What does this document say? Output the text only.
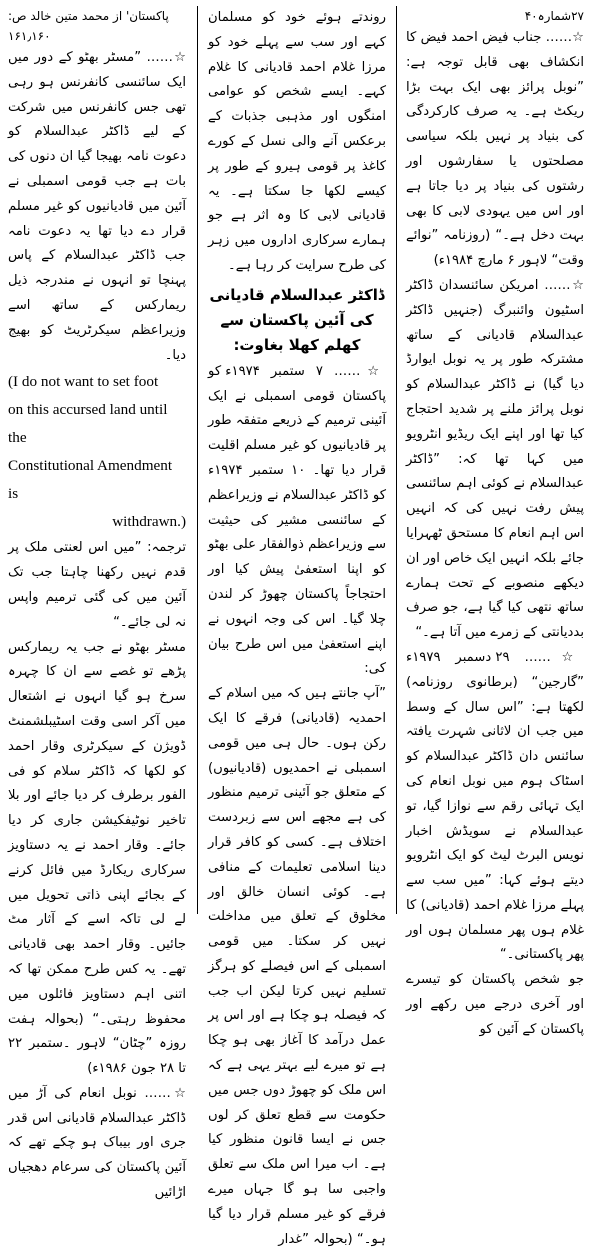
۲۷شمارہ۴۰

☆…… جناب فیض احمد فیض کا انکشاف بھی قابل توجہ ہے: ”نوبل پرائز بھی ایک بہت بڑا ریکٹ ہے۔ یہ صرف کارکردگی کی بنیاد پر نہیں بلکہ سیاسی مصلحتوں یا سفارشوں اور رشتوں کی بنیاد پر دیا جاتا ہے اور اس میں یہودی لابی کا بھی بہت دخل ہے۔“ (روزنامہ ”نوائے وقت“ لاہور ۶ مارچ ۱۹۸۴ء)

☆…… امریکن سائنسدان ڈاکٹر اسٹیون وائنبرگ (جنہیں ڈاکٹر عبدالسلام قادیانی کے ساتھ مشترکہ طور پر یہ نوبل ایوارڈ دیا گیا) نے ڈاکٹر عبدالسلام کو نوبل پرائز ملنے پر شدید احتجاج کیا تھا اور اپنے ایک ریڈیو انٹرویو میں کہا تھا کہ: ”ڈاکٹر عبدالسلام نے کوئی اہم سائنسی پیش رفت نہیں کی کہ انہیں اس اہم انعام کا مستحق ٹھہرایا جائے بلکہ انہیں ایک خاص اور ان دیکھے منصوبے کے تحت ہمارے ساتھ نتھی کیا گیا ہے، جو صرف بددیانتی کے زمرے میں آتا ہے۔“

☆…… ۲۹ دسمبر ۱۹۷۹ء ”گارجین“ (برطانوی روزنامہ) لکھتا ہے: ”اس سال کے وسط میں جب ان لاثانی شہرت یافتہ سائنس دان ڈاکٹر عبدالسلام کو اسٹاک ہوم میں نوبل انعام کی ایک تہائی رقم سے نوازا گیا، تو عبدالسلام نے سویڈش اخبار نویس البرٹ لیٹ کو ایک انٹرویو دیتے ہوئے کہا: ”میں سب سے پہلے مرزا غلام احمد (قادیانی) کا غلام ہوں پھر مسلمان ہوں اور پھر پاکستانی۔“

جو شخص پاکستان کو تیسرے اور آخری درجے میں رکھے اور پاکستان کے آئین کو

روندتے ہوئے خود کو مسلمان کہے اور سب سے پہلے خود کو مرزا غلام احمد قادیانی کا غلام کہے۔ ایسے شخص کو عوامی امنگوں اور مذہبی جذبات کے برعکس آنے والی نسل کے کورے کاغذ پر قومی ہیرو کے طور پر کیسے لکھا جا سکتا ہے۔ یہ قادیانی لابی کا وہ اثر ہے جو ہمارے سرکاری اداروں میں زہر کی طرح سرایت کر رہا ہے۔

ڈاکٹر عبدالسلام قادیانی کی آئین پاکستان سے کھلم کھلا بغاوت:

☆…… ۷ ستمبر ۱۹۷۴ء کو پاکستان قومی اسمبلی نے ایک آئینی ترمیم کے ذریعے متفقہ طور پر قادیانیوں کو غیر مسلم اقلیت قرار دیا تھا۔ ۱۰ ستمبر ۱۹۷۴ء کو ڈاکٹر عبدالسلام نے وزیراعظم کے سائنسی مشیر کی حیثیت سے وزیراعظم ذوالفقار علی بھٹو کو اپنا استعفیٰ پیش کیا اور احتجاجاً پاکستان چھوڑ کر لندن چلا گیا۔ اس کی وجہ انہوں نے اپنے استعفیٰ میں اس طرح بیان کی:

”آپ جانتے ہیں کہ میں اسلام کے احمدیہ (قادیانی) فرقے کا ایک رکن ہوں۔ حال ہی میں قومی اسمبلی نے احمدیوں (قادیانیوں) کے متعلق جو آئینی ترمیم منظور کی ہے مجھے اس سے زبردست اختلاف ہے۔ کسی کو کافر قرار دینا اسلامی تعلیمات کے منافی ہے۔ کوئی انسان خالق اور مخلوق کے تعلق میں مداخلت نہیں کر سکتا۔ میں قومی اسمبلی کے اس فیصلے کو ہرگز تسلیم نہیں کرتا لیکن اب جب کہ فیصلہ ہو چکا ہے اور اس پر عمل درآمد کا آغاز بھی ہو چکا ہے تو میرے لیے بہتر یہی ہے کہ اس ملک کو چھوڑ دوں جس میں حکومت سے قطع تعلق کر لوں جس نے ایسا قانون منظور کیا ہے۔ اب میرا اس ملک سے تعلق واجبی سا ہو گا جہاں میرے فرقے کو غیر مسلم قرار دیا گیا ہو۔“ (بحوالہ ”غدار

پاکستان' از محمد متین خالد ص: ۱۶۱٫۱۶۰

☆…… ”مسٹر بھٹو کے دور میں ایک سائنسی کانفرنس ہو رہی تھی جس کانفرنس میں شرکت کے لیے ڈاکٹر عبدالسلام کو دعوت نامہ بھیجا گیا ان دنوں کی بات ہے جب قومی اسمبلی نے آئین میں قادیانیوں کو غیر مسلم قرار دے دیا تھا یہ دعوت نامہ جب ڈاکٹر عبدالسلام کے پاس پہنچا تو انہوں نے مندرجہ ذیل ریمارکس کے ساتھ اسے وزیراعظم سیکرٹریٹ کو بھیج دیا۔

(I do not want to set foot

on this accursed land until the

Constitutional Amendment is

withdrawn.)

ترجمہ: ”میں اس لعنتی ملک پر قدم نہیں رکھنا چاہتا جب تک آئین میں کی گئی ترمیم واپس نہ لی جائے۔“

مسٹر بھٹو نے جب یہ ریمارکس پڑھے تو غصے سے ان کا چہرہ سرخ ہو گیا انہوں نے اشتعال میں آکر اسی وقت اسٹیبلشمنٹ ڈویژن کے سیکرٹری وقار احمد کو لکھا کہ ڈاکٹر سلام کو فی الفور برطرف کر دیا جائے اور بلا تاخیر نوٹیفکیشن جاری کر دیا جائے۔ وقار احمد نے یہ دستاویز سرکاری ریکارڈ میں فائل کرنے کے بجائے اپنی ذاتی تحویل میں لے لی تاکہ اسے کے آثار مٹ جائیں۔ وقار احمد بھی قادیانی تھے۔ یہ کس طرح ممکن تھا کہ اتنی اہم دستاویز فائلوں میں محفوظ رہتی۔“ (بحوالہ ہفت روزہ ”چٹان“ لاہور ۔ستمبر ۲۲ تا ۲۸ جون ۱۹۸۶ء)

☆…… نوبل انعام کی آڑ میں ڈاکٹر عبدالسلام قادیانی اس قدر جری اور بیباک ہو چکے تھے کہ آئین پاکستان کی سرعام دھجیاں اڑائیں
